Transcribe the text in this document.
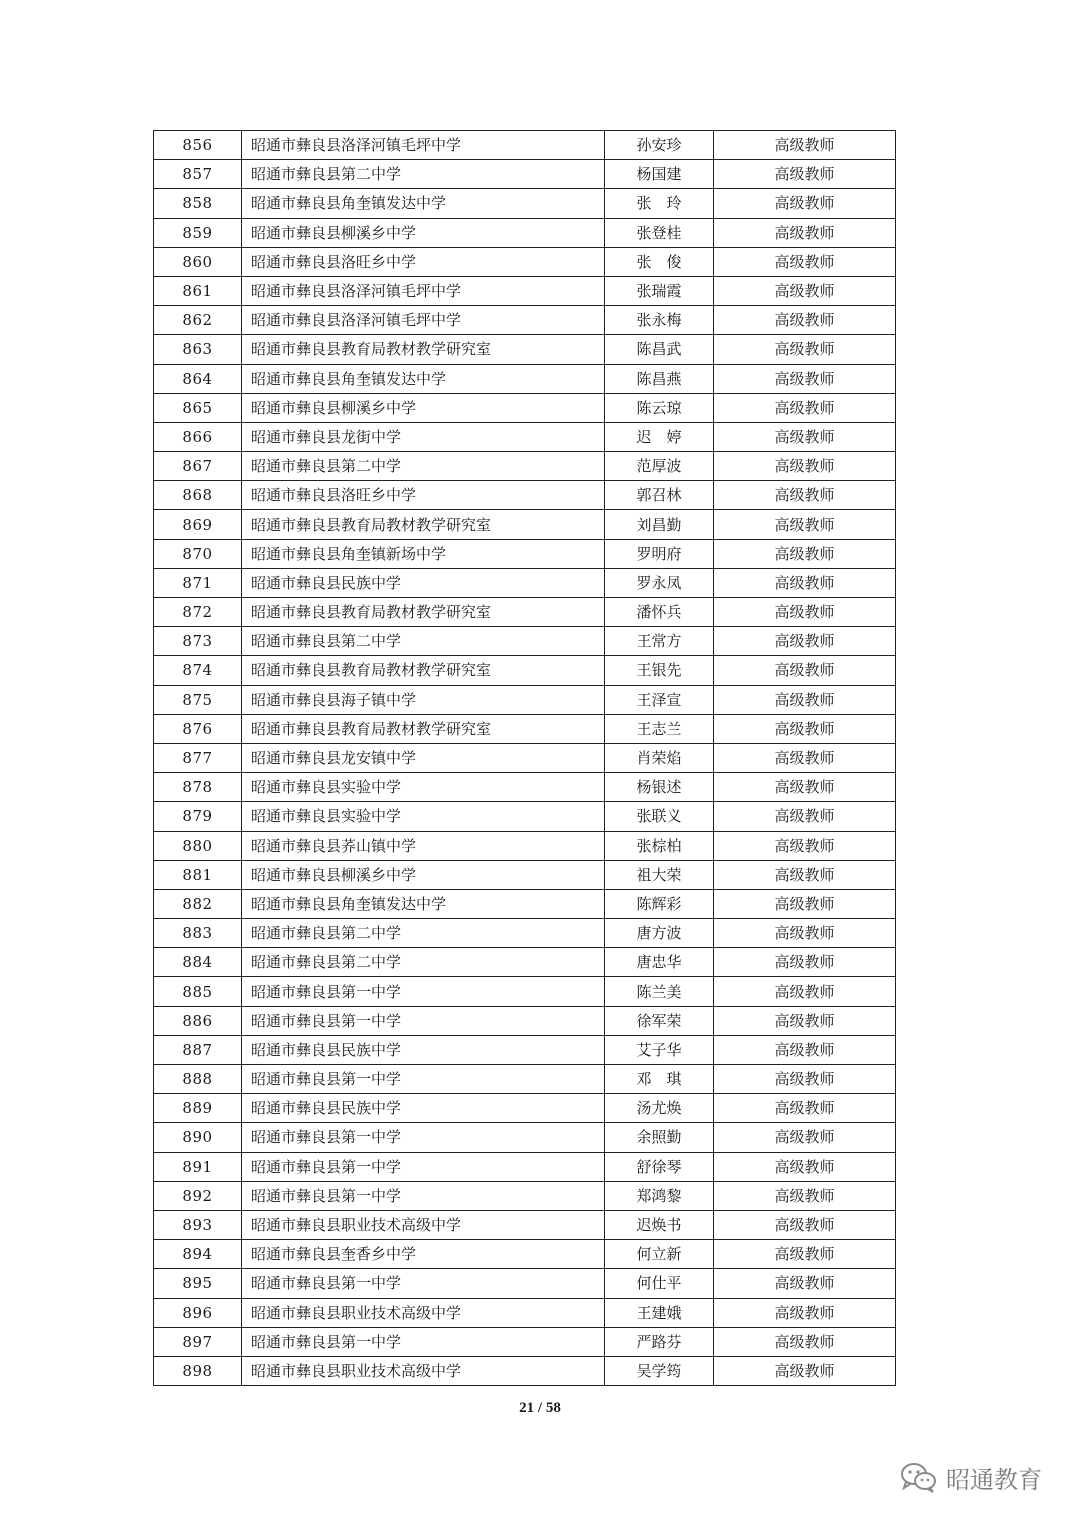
856	昭通市彝良县洛泽河镇毛坪中学	孙安珍	高级教师
857	昭通市彝良县第二中学	杨国建	高级教师
858	昭通市彝良县角奎镇发达中学	张　玲	高级教师
859	昭通市彝良县柳溪乡中学	张登桂	高级教师
860	昭通市彝良县洛旺乡中学	张　俊	高级教师
861	昭通市彝良县洛泽河镇毛坪中学	张瑞霞	高级教师
862	昭通市彝良县洛泽河镇毛坪中学	张永梅	高级教师
863	昭通市彝良县教育局教材教学研究室	陈昌武	高级教师
864	昭通市彝良县角奎镇发达中学	陈昌燕	高级教师
865	昭通市彝良县柳溪乡中学	陈云琼	高级教师
866	昭通市彝良县龙街中学	迟　婷	高级教师
867	昭通市彝良县第二中学	范厚波	高级教师
868	昭通市彝良县洛旺乡中学	郭召林	高级教师
869	昭通市彝良县教育局教材教学研究室	刘昌勤	高级教师
870	昭通市彝良县角奎镇新场中学	罗明府	高级教师
871	昭通市彝良县民族中学	罗永凤	高级教师
872	昭通市彝良县教育局教材教学研究室	潘怀兵	高级教师
873	昭通市彝良县第二中学	王常方	高级教师
874	昭通市彝良县教育局教材教学研究室	王银先	高级教师
875	昭通市彝良县海子镇中学	王泽宣	高级教师
876	昭通市彝良县教育局教材教学研究室	王志兰	高级教师
877	昭通市彝良县龙安镇中学	肖荣焰	高级教师
878	昭通市彝良县实验中学	杨银述	高级教师
879	昭通市彝良县实验中学	张联义	高级教师
880	昭通市彝良县荞山镇中学	张棕柏	高级教师
881	昭通市彝良县柳溪乡中学	祖大荣	高级教师
882	昭通市彝良县角奎镇发达中学	陈辉彩	高级教师
883	昭通市彝良县第二中学	唐方波	高级教师
884	昭通市彝良县第二中学	唐忠华	高级教师
885	昭通市彝良县第一中学	陈兰美	高级教师
886	昭通市彝良县第一中学	徐军荣	高级教师
887	昭通市彝良县民族中学	艾子华	高级教师
888	昭通市彝良县第一中学	邓　琪	高级教师
889	昭通市彝良县民族中学	汤尤焕	高级教师
890	昭通市彝良县第一中学	余照勤	高级教师
891	昭通市彝良县第一中学	舒徐琴	高级教师
892	昭通市彝良县第一中学	郑鸿黎	高级教师
893	昭通市彝良县职业技术高级中学	迟焕书	高级教师
894	昭通市彝良县奎香乡中学	何立新	高级教师
895	昭通市彝良县第一中学	何仕平	高级教师
896	昭通市彝良县职业技术高级中学	王建娥	高级教师
897	昭通市彝良县第一中学	严路芬	高级教师
898	昭通市彝良县职业技术高级中学	吴学筠	高级教师
21 / 58
昭通教育
